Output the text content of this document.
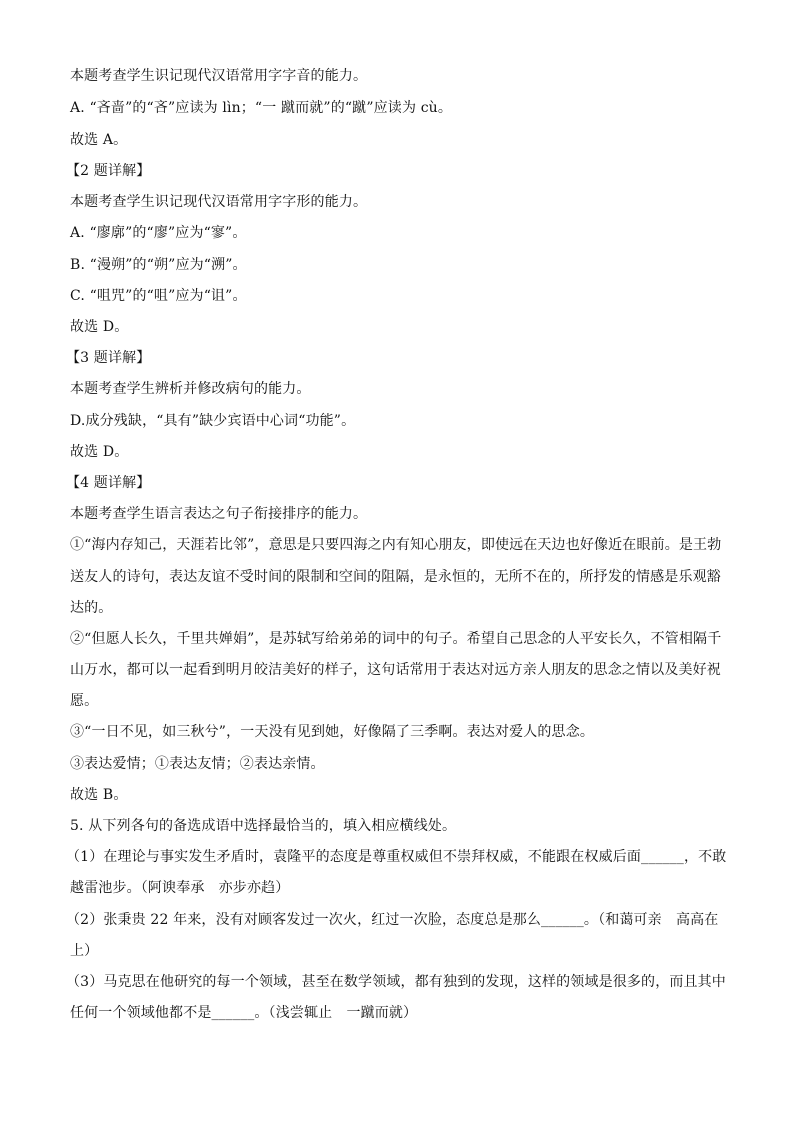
本题考查学生识记现代汉语常用字字音的能力。
A. “吝啬”的“吝”应读为 lìn；“一 蹴而就”的“蹴”应读为 cù。
故选 A。
【2 题详解】
本题考查学生识记现代汉语常用字字形的能力。
A. “廖廓”的“廖”应为“寥”。
B. “漫朔”的“朔”应为“溯”。
C. “咀咒”的“咀”应为“诅”。
故选 D。
【3 题详解】
本题考查学生辨析并修改病句的能力。
D.成分残缺，“具有”缺少宾语中心词“功能”。
故选 D。
【4 题详解】
本题考查学生语言表达之句子衔接排序的能力。
①“海内存知己，天涯若比邻”，意思是只要四海之内有知心朋友，即使远在天边也好像近在眼前。是王勃
送友人的诗句，表达友谊不受时间的限制和空间的阻隔，是永恒的，无所不在的，所抒发的情感是乐观豁
达的。
②“但愿人长久，千里共婵娟”，是苏轼写给弟弟的词中的句子。希望自己思念的人平安长久，不管相隔千
山万水，都可以一起看到明月皎洁美好的样子，这句话常用于表达对远方亲人朋友的思念之情以及美好祝
愿。
③“一日不见，如三秋兮”，一天没有见到她，好像隔了三季啊。表达对爱人的思念。
③表达爱情；①表达友情；②表达亲情。
故选 B。
5. 从下列各句的备选成语中选择最恰当的，填入相应横线处。
（1）在理论与事实发生矛盾时，袁隆平的态度是尊重权威但不崇拜权威，不能跟在权威后面______，不敢
越雷池步。（阿谀奉承　亦步亦趋）
（2）张秉贵 22 年来，没有对顾客发过一次火，红过一次脸，态度总是那么______。（和蔼可亲　高高在
上）
（3）马克思在他研究的每一个领域，甚至在数学领域，都有独到的发现，这样的领域是很多的，而且其中
任何一个领域他都不是______。（浅尝辄止　一蹴而就）
